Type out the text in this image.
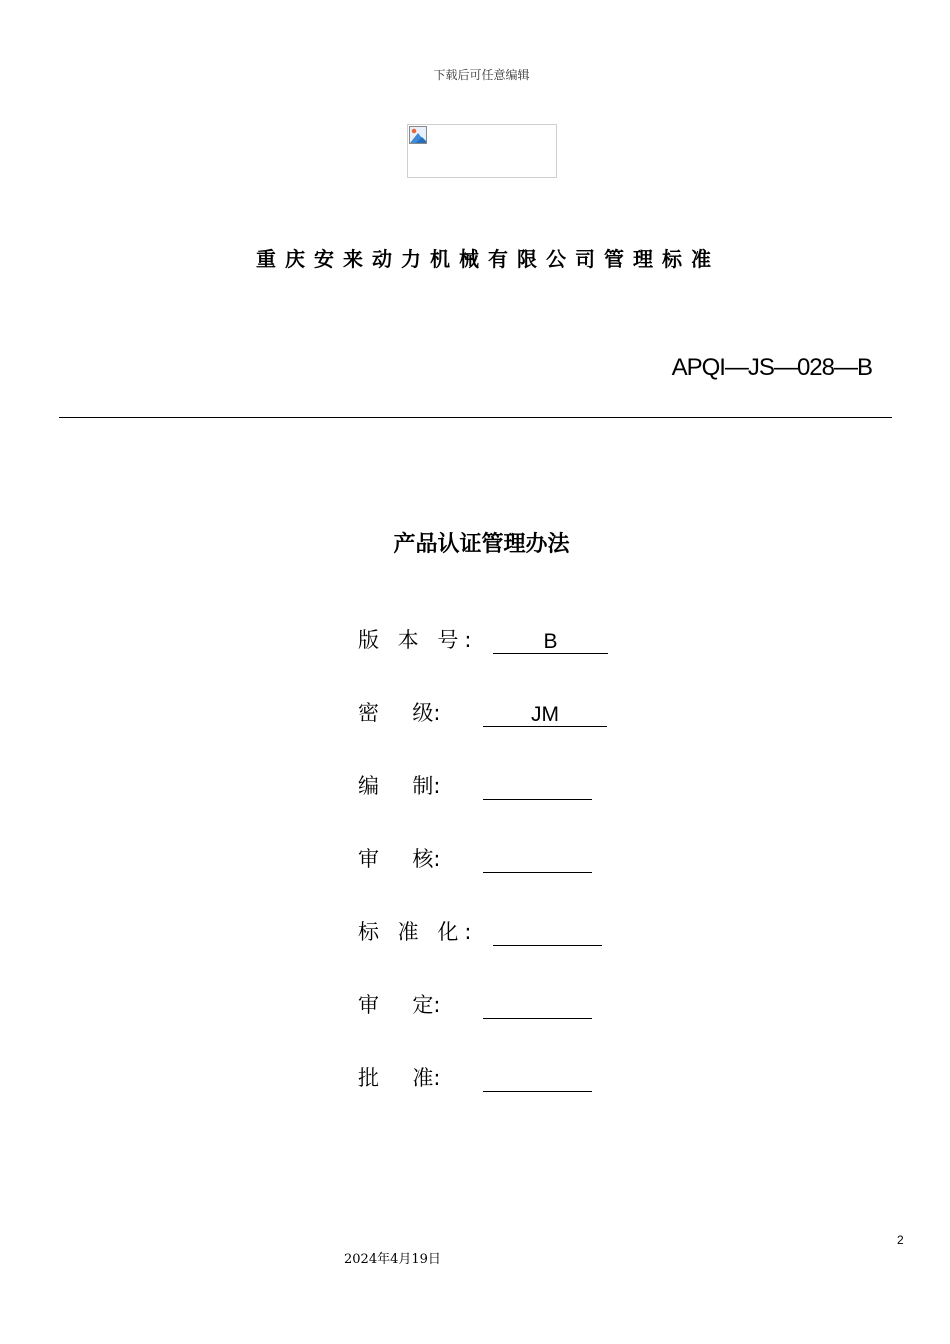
下载后可任意编辑
重庆安来动力机械有限公司管理标准
APQI—JS—028—B
产品认证管理办法
版 本 号:	B
密     级:	JM
编     制:
审     核:
标 准 化:
审     定:
批     准:
2
2024年4月19日
